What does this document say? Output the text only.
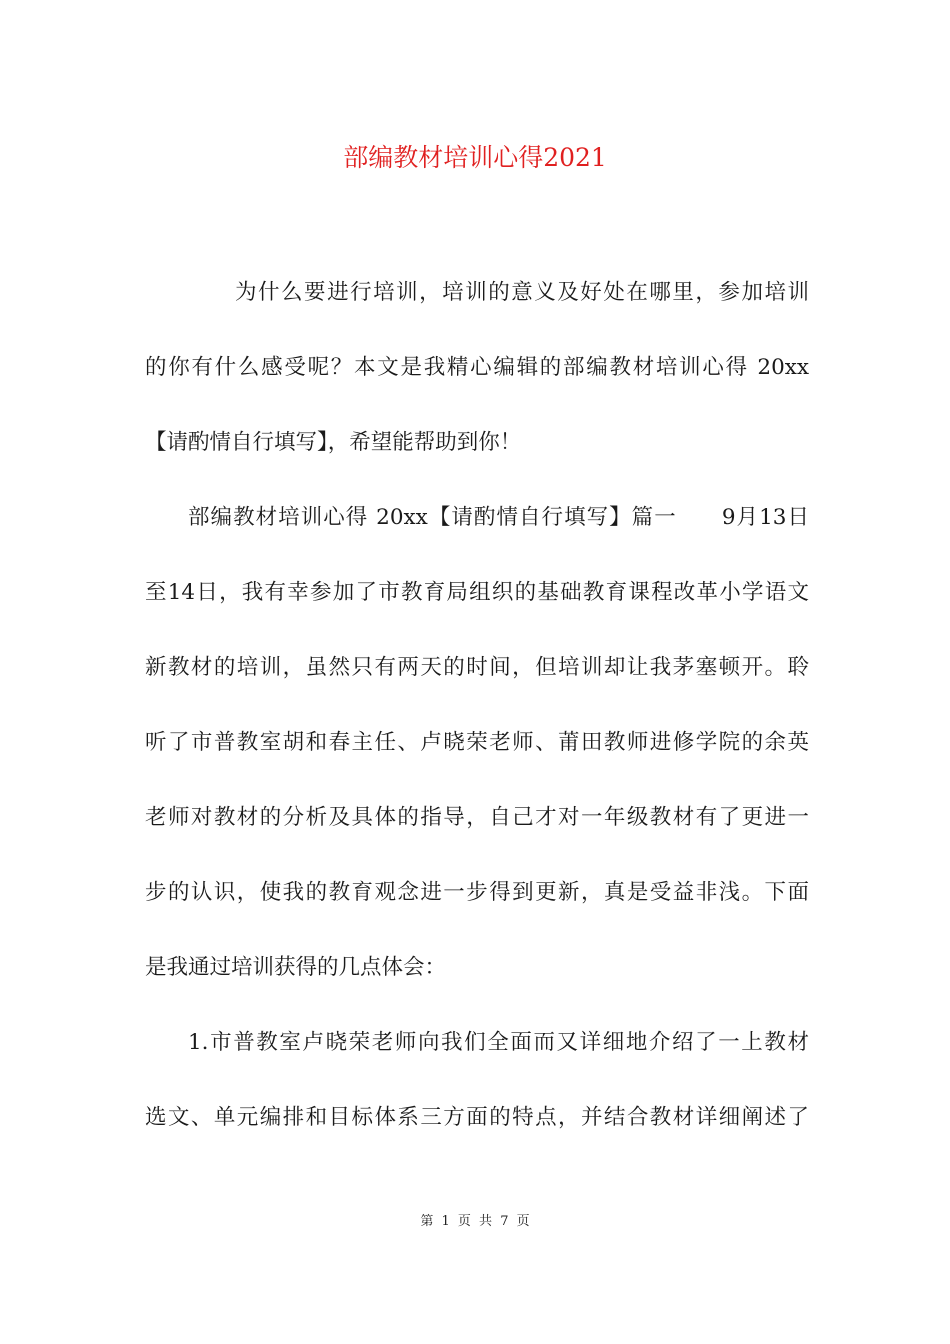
部编教材培训心得2021

为什么要进行培训，培训的意义及好处在哪里，参加培训

的你有什么感受呢？本文是我精心编辑的部编教材培训心得 20xx

【请酌情自行填写】，希望能帮助到你！

部编教材培训心得 20xx【请酌情自行填写】篇一　　9月13日

至14日，我有幸参加了市教育局组织的基础教育课程改革小学语文

新教材的培训，虽然只有两天的时间，但培训却让我茅塞顿开。聆

听了市普教室胡和春主任、卢晓荣老师、莆田教师进修学院的余英

老师对教材的分析及具体的指导，自己才对一年级教材有了更进一

步的认识，使我的教育观念进一步得到更新，真是受益非浅。下面

是我通过培训获得的几点体会：

1.市普教室卢晓荣老师向我们全面而又详细地介绍了一上教材

选文、单元编排和目标体系三方面的特点，并结合教材详细阐述了

第 1 页 共 7 页
